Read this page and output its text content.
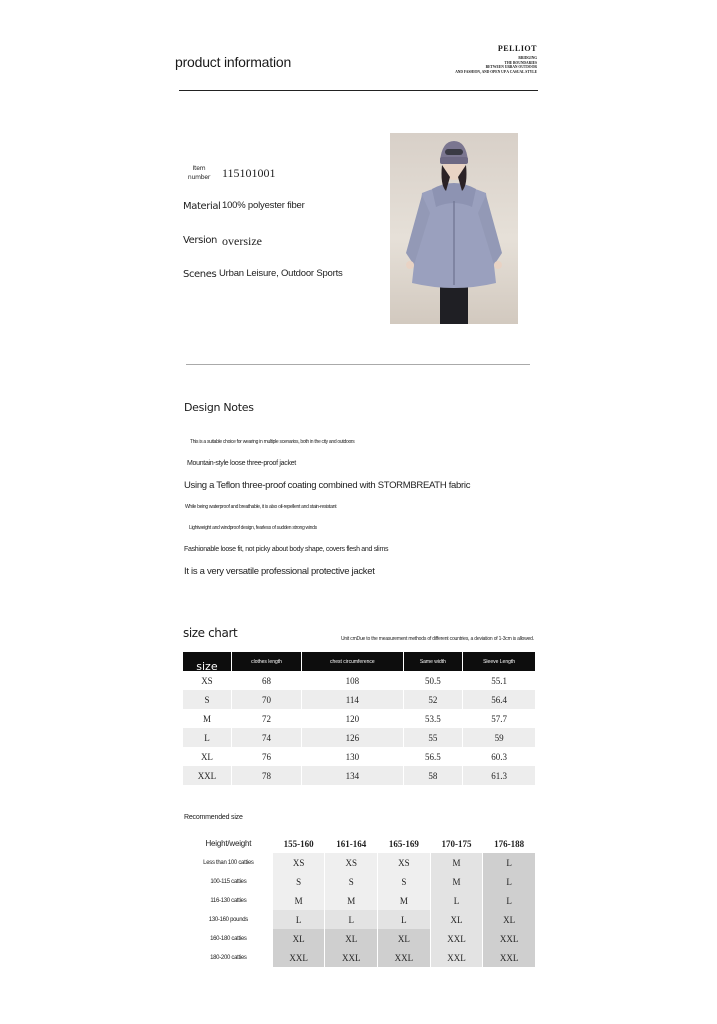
product information
PELLIOT
BRIDGING
THE BOUNDARIES
BETWEEN URBAN OUTDOOR
AND FASHION, AND OPEN UP A CASUAL STYLE
Item number 115101001
Material 100% polyester fiber
Version oversize
Scenes Urban Leisure, Outdoor Sports
Design Notes
This is a suitable choice for wearing in multiple scenarios, both in the city and outdoors
Mountain-style loose three-proof jacket
Using a Teflon three-proof coating combined with STORMBREATH fabric
While being waterproof and breathable, it is also oil-repellent and stain-resistant
Lightweight and windproof design, fearless of sudden strong winds
Fashionable loose fit, not picky about body shape, covers flesh and slims
It is a very versatile professional protective jacket
size chart	Unit cmDue to the measurement methods of different countries, a deviation of 1-3cm is allowed.
size	clothes length	chest circumference	Same width	Sleeve Length
XS	68	108	50.5	55.1
S	70	114	52	56.4
M	72	120	53.5	57.7
L	74	126	55	59
XL	76	130	56.5	60.3
XXL	78	134	58	61.3
Recommended size
Height/weight	155-160	161-164	165-169	170-175	176-188
Less than 100 catties	XS	XS	XS	M	L
100-115 catties	S	S	S	M	L
116-130 catties	M	M	M	L	L
130-160 pounds	L	L	L	XL	XL
160-180 catties	XL	XL	XL	XXL	XXL
180-200 catties	XXL	XXL	XXL	XXL	XXL
